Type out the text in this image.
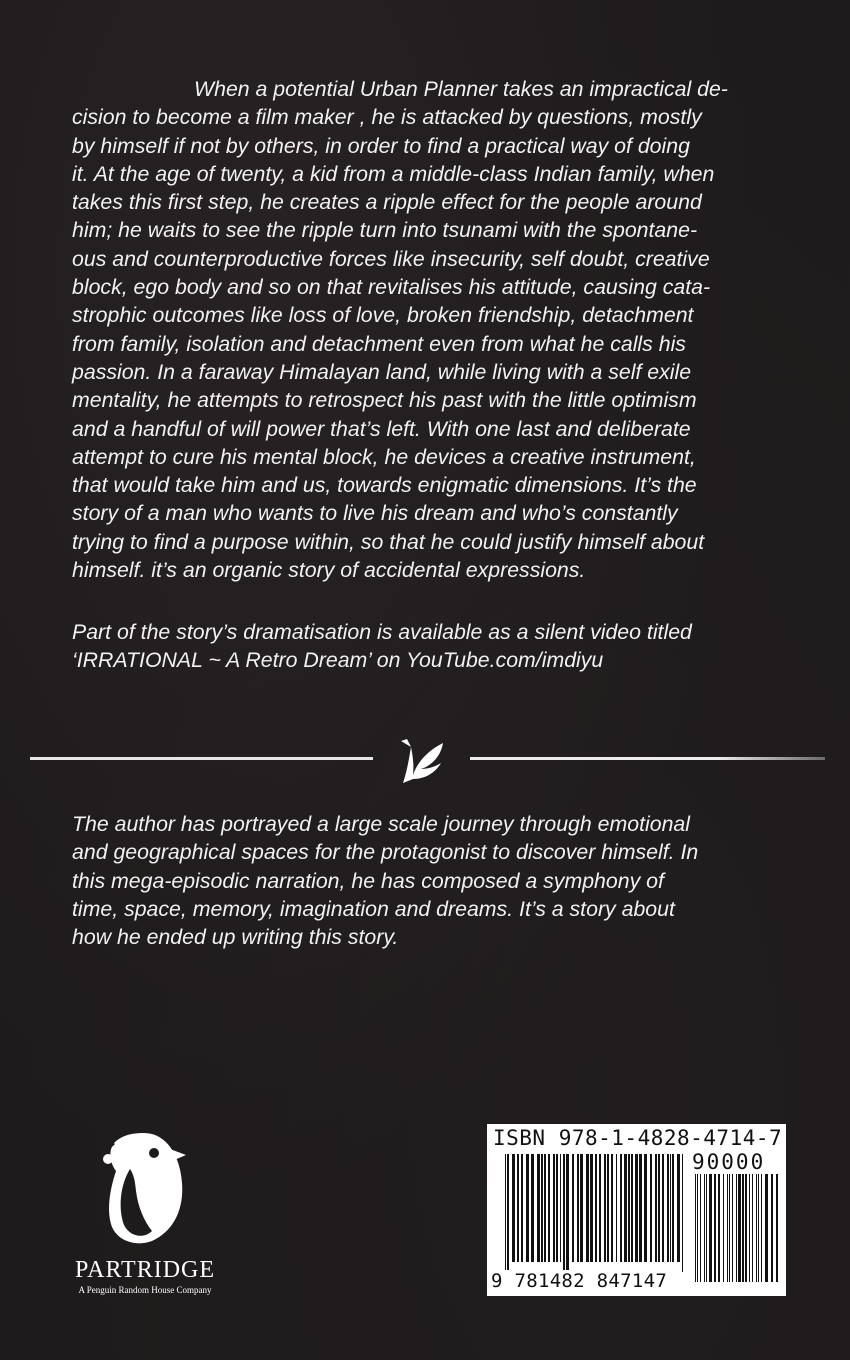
When a potential Urban Planner takes an impractical de-
cision to become a film maker , he is attacked by questions, mostly
by himself if not by others, in order to find a practical way of doing
it. At the age of twenty, a kid from a middle-class Indian family, when
takes this first step, he creates a ripple effect for the people around
him; he waits to see the ripple turn into tsunami with the spontane-
ous and counterproductive forces like insecurity, self doubt, creative
block, ego body and so on that revitalises his attitude, causing cata-
strophic outcomes like loss of love, broken friendship, detachment
from family, isolation and detachment even from what he calls his
passion. In a faraway Himalayan land, while living with a self exile
mentality, he attempts to retrospect his past with the little optimism
and a handful of will power that’s left. With one last and deliberate
attempt to cure his mental block, he devices a creative instrument,
that would take him and us, towards enigmatic dimensions. It’s the
story of a man who wants to live his dream and who’s constantly
trying to find a purpose within, so that he could justify himself about
himself. it’s an organic story of accidental expressions.
Part of the story’s dramatisation is available as a silent video titled
‘IRRATIONAL ~ A Retro Dream’ on YouTube.com/imdiyu
The author has portrayed a large scale journey through emotional
and geographical spaces for the protagonist to discover himself. In
this mega-episodic narration, he has composed a symphony of
time, space, memory, imagination and dreams. It’s a story about
how he ended up writing this story.
PARTRIDGE
A Penguin Random House Company
ISBN 978-1-4828-4714-7
90000
9 781482 847147
